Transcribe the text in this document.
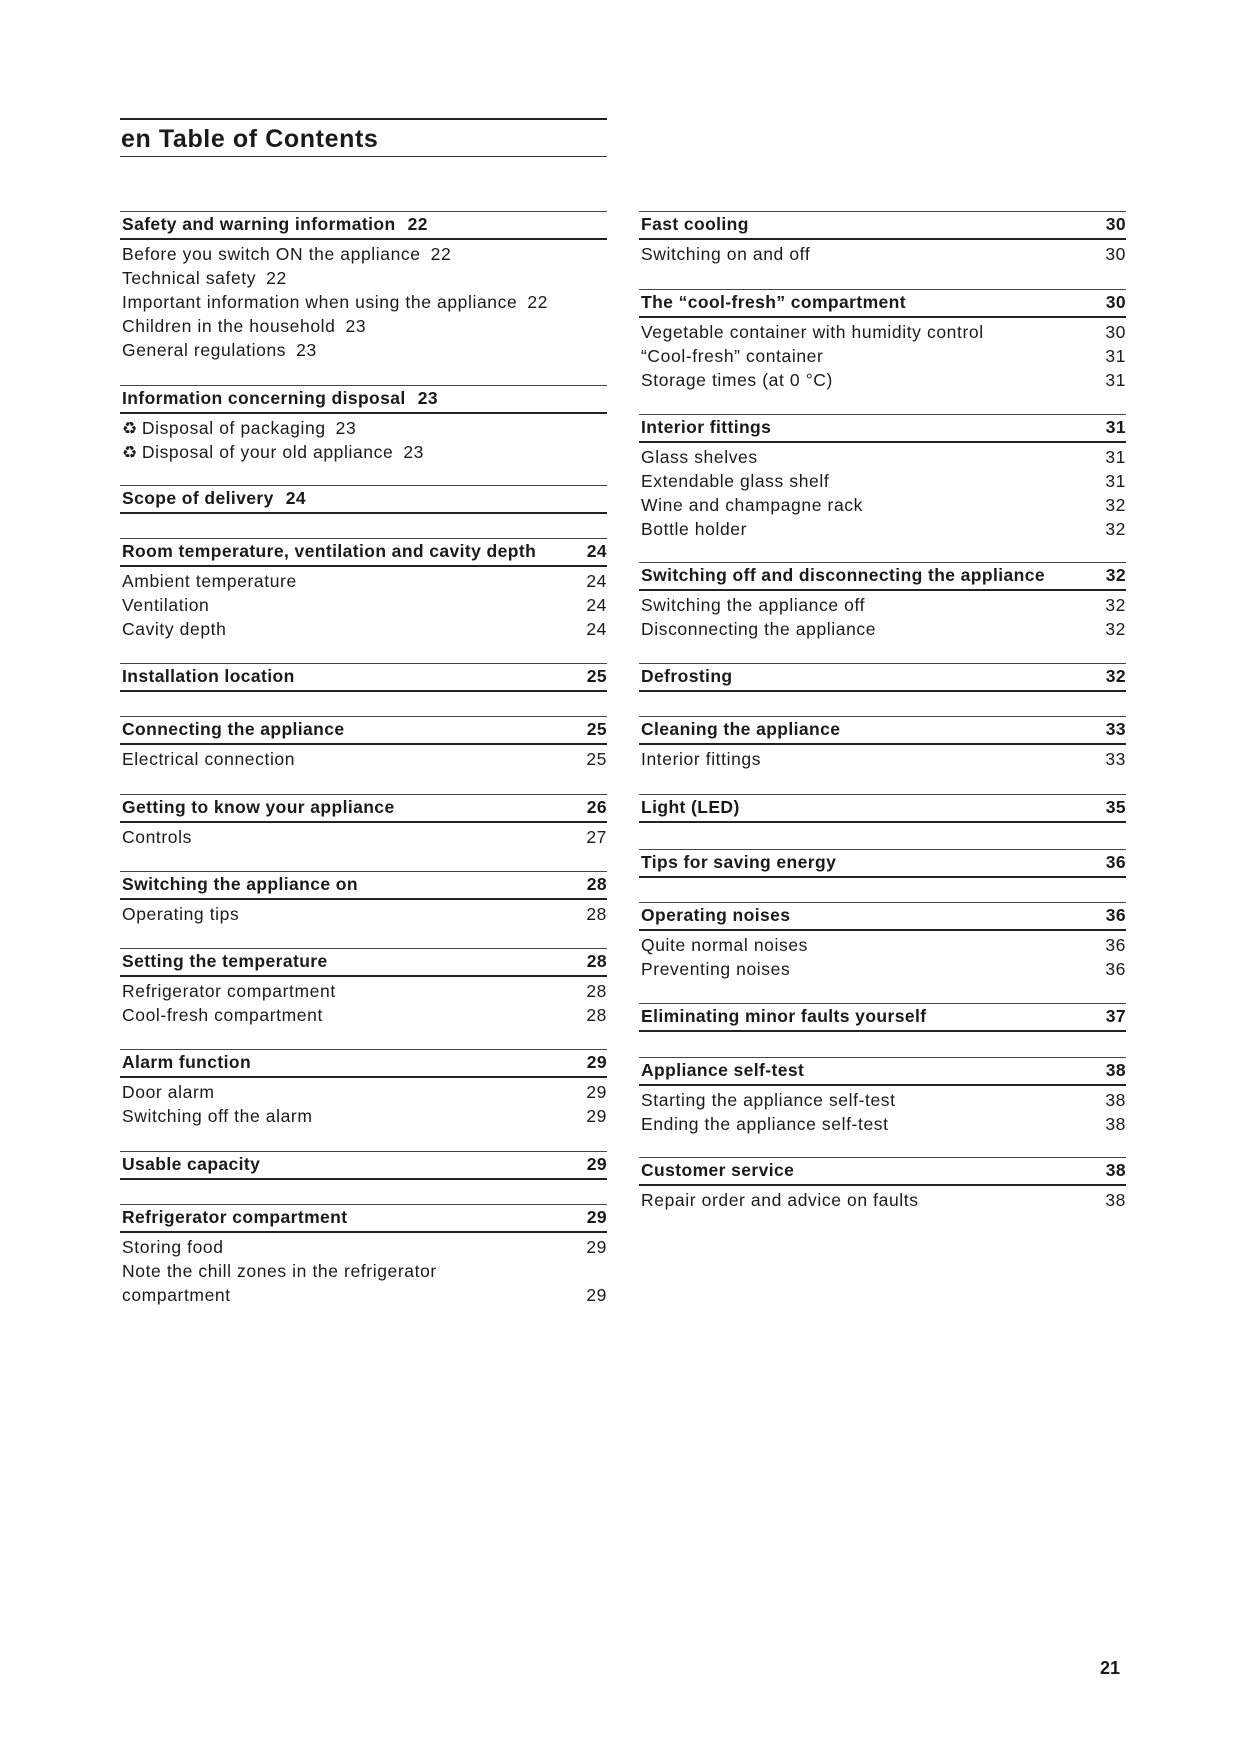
en Table of Contents
Safety and warning information 22
Before you switch ON the appliance 22
Technical safety 22
Important information when using the appliance 22
Children in the household 23
General regulations 23
Information concerning disposal 23
♻ Disposal of packaging 23
♻ Disposal of your old appliance 23
Scope of delivery 24
Room temperature, ventilation and cavity depth	24
Ambient temperature	24
Ventilation	24
Cavity depth	24
Installation location	25
Connecting the appliance	25
Electrical connection	25
Getting to know your appliance	26
Controls	27
Switching the appliance on	28
Operating tips	28
Setting the temperature	28
Refrigerator compartment	28
Cool-fresh compartment	28
Alarm function	29
Door alarm	29
Switching off the alarm	29
Usable capacity	29
Refrigerator compartment	29
Storing food	29
Note the chill zones in the refrigerator
compartment	29
Fast cooling	30
Switching on and off	30
The “cool-fresh” compartment	30
Vegetable container with humidity control	30
“Cool-fresh” container	31
Storage times (at 0 °C)	31
Interior fittings	31
Glass shelves	31
Extendable glass shelf	31
Wine and champagne rack	32
Bottle holder	32
Switching off and disconnecting the appliance	32
Switching the appliance off	32
Disconnecting the appliance	32
Defrosting	32
Cleaning the appliance	33
Interior fittings	33
Light (LED)	35
Tips for saving energy	36
Operating noises	36
Quite normal noises	36
Preventing noises	36
Eliminating minor faults yourself	37
Appliance self-test	38
Starting the appliance self-test	38
Ending the appliance self-test	38
Customer service	38
Repair order and advice on faults	38
21
